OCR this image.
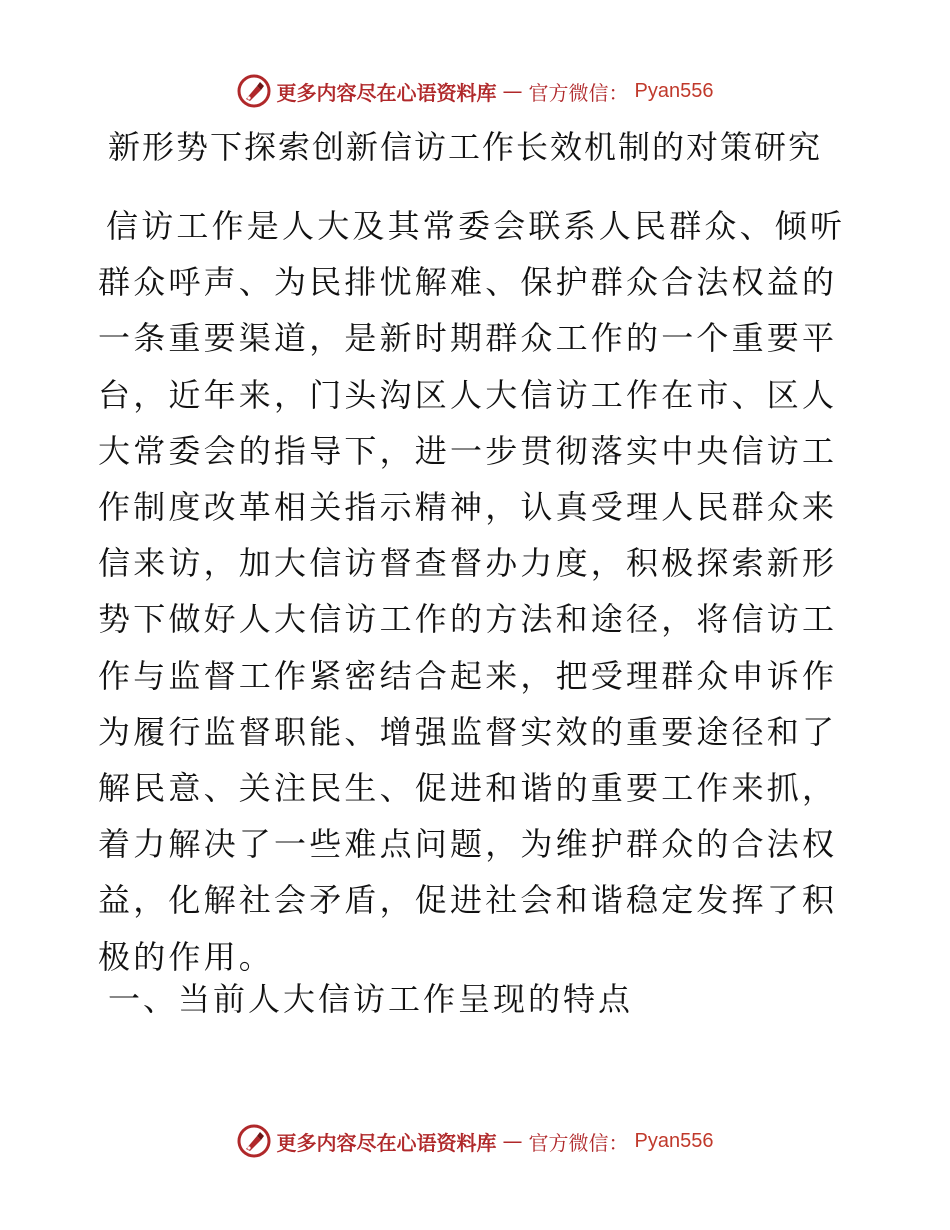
更多内容尽在心语资料库 — 官方微信： Pyan556
新形势下探索创新信访工作长效机制的对策研究
信访工作是人大及其常委会联系人民群众、倾听群众呼声、为民排忧解难、保护群众合法权益的一条重要渠道，是新时期群众工作的一个重要平台，近年来，门头沟区人大信访工作在市、区人大常委会的指导下，进一步贯彻落实中央信访工作制度改革相关指示精神，认真受理人民群众来信来访，加大信访督查督办力度，积极探索新形势下做好人大信访工作的方法和途径，将信访工作与监督工作紧密结合起来，把受理群众申诉作为履行监督职能、增强监督实效的重要途径和了解民意、关注民生、促进和谐的重要工作来抓，着力解决了一些难点问题，为维护群众的合法权益，化解社会矛盾，促进社会和谐稳定发挥了积极的作用。
一、当前人大信访工作呈现的特点
更多内容尽在心语资料库 — 官方微信： Pyan556
